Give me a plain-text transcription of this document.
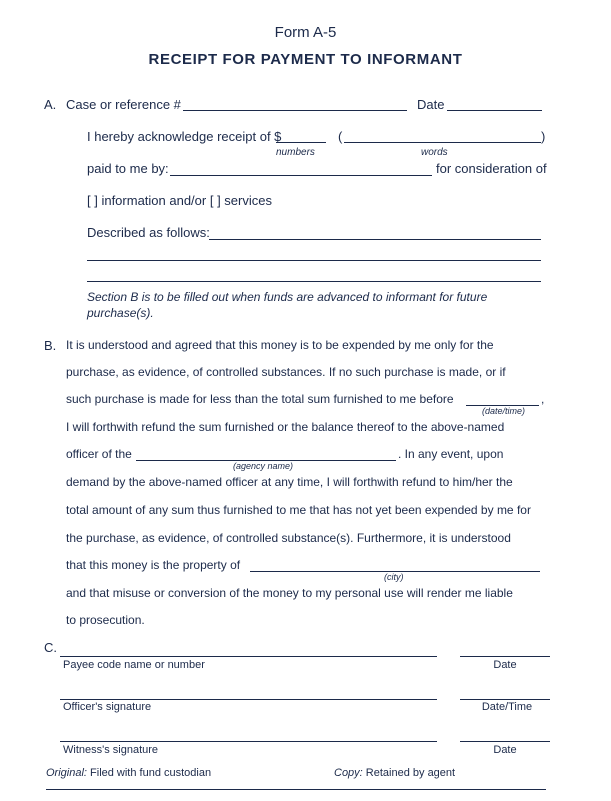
Form A-5
RECEIPT FOR PAYMENT TO INFORMANT
A. Case or reference #	Date
I hereby acknowledge receipt of $	(	)
numbers	words
paid to me by:	for consideration of
[ ] information and/or [ ] services
Described as follows:
Section B is to be filled out when funds are advanced to informant for future
purchase(s).
B. It is understood and agreed that this money is to be expended by me only for the
purchase, as evidence, of controlled substances. If no such purchase is made, or if
such purchase is made for less than the total sum furnished to me before	,
(date/time)
I will forthwith refund the sum furnished or the balance thereof to the above-named
officer of the	. In any event, upon
(agency name)
demand by the above-named officer at any time, I will forthwith refund to him/her the
total amount of any sum thus furnished to me that has not yet been expended by me for
the purchase, as evidence, of controlled substance(s). Furthermore, it is understood
that this money is the property of
(city)
and that misuse or conversion of the money to my personal use will render me liable
to prosecution.
C.
Payee code name or number	Date
Officer's signature	Date/Time
Witness's signature	Date
Original: Filed with fund custodian	Copy: Retained by agent
